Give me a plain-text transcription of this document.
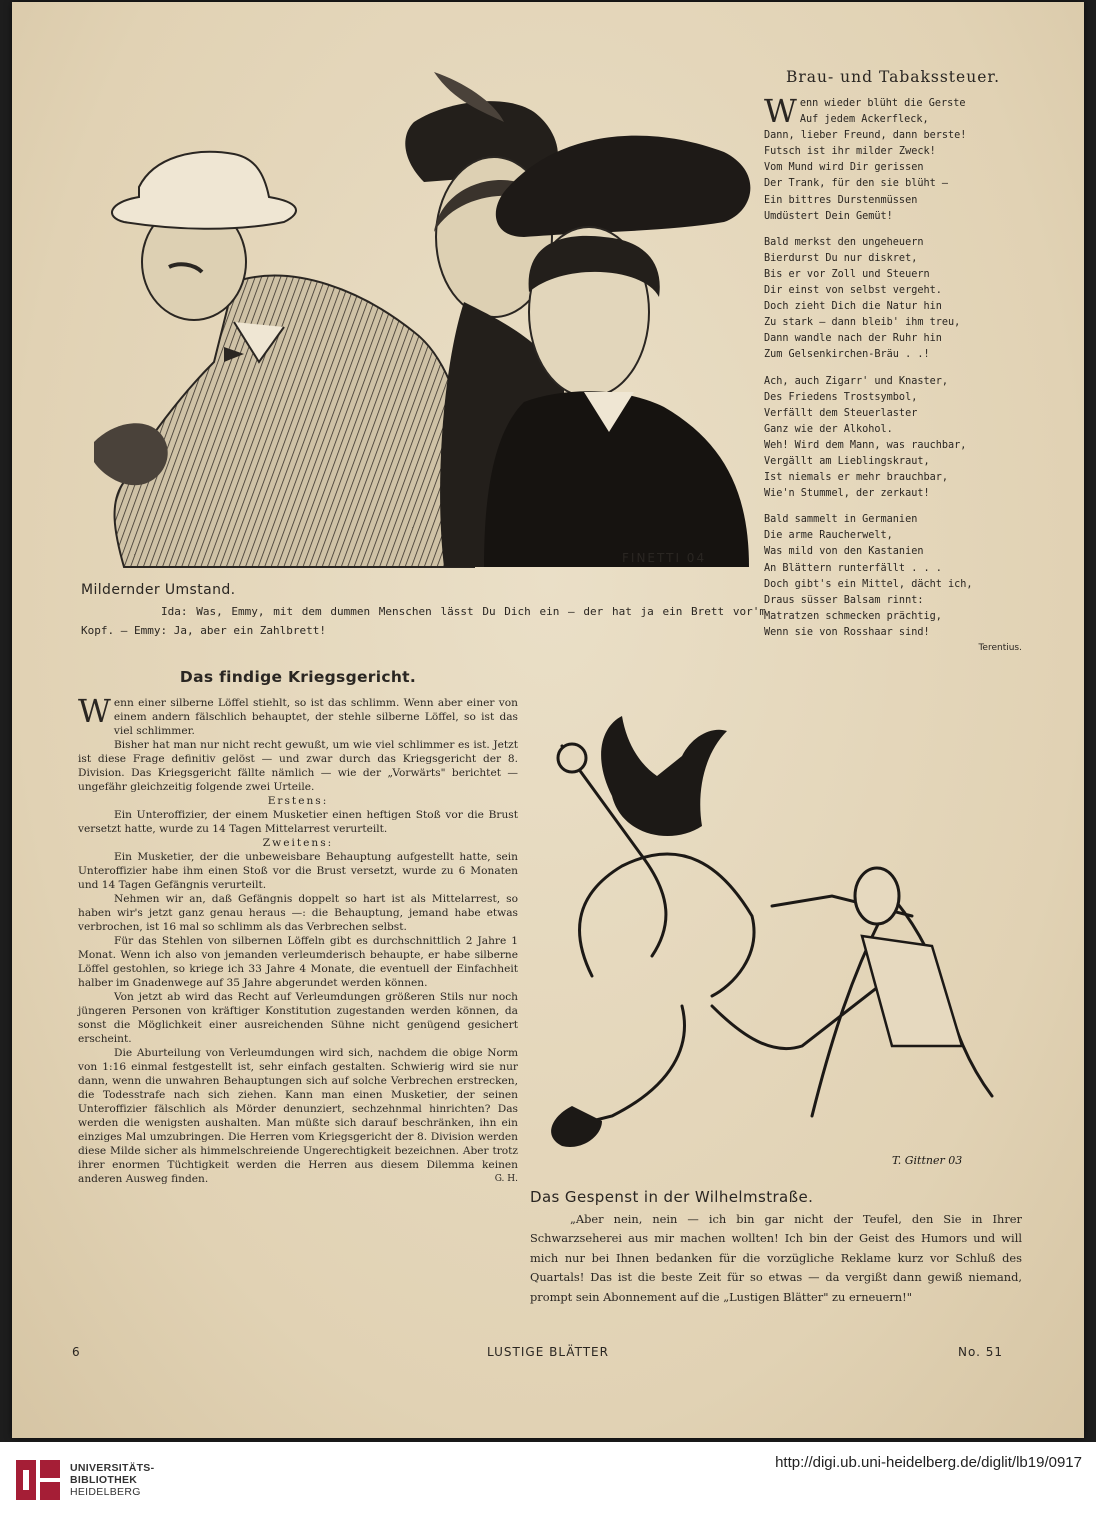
FINETTI 04
Brau- und Tabakssteuer.
W enn wieder blüht die Gerste
Auf jedem Ackerfleck,
Dann, lieber Freund, dann berste!
Futsch ist ihr milder Zweck!
Vom Mund wird Dir gerissen
Der Trank, für den sie blüht —
Ein bittres Durstenmüssen
Umdüstert Dein Gemüt!
Bald merkst den ungeheuern
Bierdurst Du nur diskret,
Bis er vor Zoll und Steuern
Dir einst von selbst vergeht.
Doch zieht Dich die Natur hin
Zu stark — dann bleib' ihm treu,
Dann wandle nach der Ruhr hin
Zum Gelsenkirchen-Bräu . .!
Ach, auch Zigarr' und Knaster,
Des Friedens Trostsymbol,
Verfällt dem Steuerlaster
Ganz wie der Alkohol.
Weh! Wird dem Mann, was rauchbar,
Vergällt am Lieblingskraut,
Ist niemals er mehr brauchbar,
Wie'n Stummel, der zerkaut!
Bald sammelt in Germanien
Die arme Raucherwelt,
Was mild von den Kastanien
An Blättern runterfällt . . .
Doch gibt's ein Mittel, dächt ich,
Draus süsser Balsam rinnt:
Matratzen schmecken prächtig,
Wenn sie von Rosshaar sind!
Terentius.
Mildernder Umstand.
Ida: Was, Emmy, mit dem dummen Menschen lässt Du Dich ein — der hat ja ein Brett vor'm Kopf. — Emmy: Ja, aber ein Zahlbrett!
Das findige Kriegsgericht.

Wenn einer silberne Löffel stiehlt, so ist das schlimm. Wenn aber einer von einem andern fälschlich behauptet, der stehle silberne Löffel, so ist das viel schlimmer.

Bisher hat man nur nicht recht gewußt, um wie viel schlimmer es ist. Jetzt ist diese Frage definitiv gelöst — und zwar durch das Kriegsgericht der 8. Division. Das Kriegsgericht fällte nämlich — wie der „Vorwärts" berichtet — ungefähr gleichzeitig folgende zwei Urteile.

Erstens:

Ein Unteroffizier, der einem Musketier einen heftigen Stoß vor die Brust versetzt hatte, wurde zu 14 Tagen Mittelarrest verurteilt.

Zweitens:

Ein Musketier, der die unbeweisbare Behauptung aufgestellt hatte, sein Unteroffizier habe ihm einen Stoß vor die Brust versetzt, wurde zu 6 Monaten und 14 Tagen Gefängnis verurteilt.

Nehmen wir an, daß Gefängnis doppelt so hart ist als Mittelarrest, so haben wir's jetzt ganz genau heraus —: die Behauptung, jemand habe etwas verbrochen, ist 16 mal so schlimm als das Verbrechen selbst.

Für das Stehlen von silbernen Löffeln gibt es durchschnittlich 2 Jahre 1 Monat. Wenn ich also von jemanden verleumderisch behaupte, er habe silberne Löffel gestohlen, so kriege ich 33 Jahre 4 Monate, die eventuell der Einfachheit halber im Gnadenwege auf 35 Jahre abgerundet werden können.

Von jetzt ab wird das Recht auf Verleumdungen größeren Stils nur noch jüngeren Personen von kräftiger Konstitution zugestanden werden können, da sonst die Möglichkeit einer ausreichenden Sühne nicht genügend gesichert erscheint.

Die Aburteilung von Verleumdungen wird sich, nachdem die obige Norm von 1:16 einmal festgestellt ist, sehr einfach gestalten. Schwierig wird sie nur dann, wenn die unwahren Behauptungen sich auf solche Verbrechen erstrecken, die Todesstrafe nach sich ziehen. Kann man einen Musketier, der seinen Unteroffizier fälschlich als Mörder denunziert, sechzehnmal hinrichten? Das werden die wenigsten aushalten. Man müßte sich darauf beschränken, ihn ein einziges Mal umzubringen. Die Herren vom Kriegsgericht der 8. Division werden diese Milde sicher als himmelschreiende Ungerechtigkeit bezeichnen. Aber trotz ihrer enormen Tüchtigkeit werden die Herren aus diesem Dilemma keinen anderen Ausweg finden.	G. H.

T. Gittner 03
Das Gespenst in der Wilhelmstraße.
„Aber nein, nein — ich bin gar nicht der Teufel, den Sie in Ihrer Schwarzseherei aus mir machen wollten! Ich bin der Geist des Humors und will mich nur bei Ihnen bedanken für die vorzügliche Reklame kurz vor Schluß des Quartals! Das ist die beste Zeit für so etwas — da vergißt dann gewiß niemand, prompt sein Abonnement auf die „Lustigen Blätter" zu erneuern!"
6	LUSTIGE BLÄTTER	No. 51
UNIVERSITÄTS-
BIBLIOTHEK
HEIDELBERG
http://digi.ub.uni-heidelberg.de/diglit/lb19/0917
